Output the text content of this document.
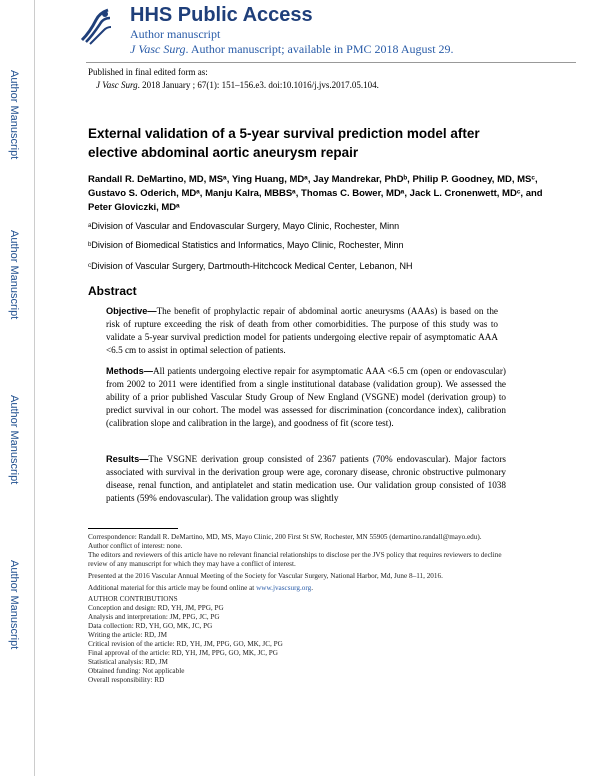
Author Manuscript
Author Manuscript
Author Manuscript
Author Manuscript
HHS Public Access
Author manuscript
J Vasc Surg. Author manuscript; available in PMC 2018 August 29.
Published in final edited form as:
J Vasc Surg. 2018 January ; 67(1): 151–156.e3. doi:10.1016/j.jvs.2017.05.104.
External validation of a 5-year survival prediction model after elective abdominal aortic aneurysm repair
Randall R. DeMartino, MD, MSᵃ, Ying Huang, MDᵃ, Jay Mandrekar, PhDᵇ, Philip P. Goodney, MD, MSᶜ, Gustavo S. Oderich, MDᵃ, Manju Kalra, MBBSᵃ, Thomas C. Bower, MDᵃ, Jack L. Cronenwett, MDᶜ, and Peter Gloviczki, MDᵃ
ᵃDivision of Vascular and Endovascular Surgery, Mayo Clinic, Rochester, Minn
ᵇDivision of Biomedical Statistics and Informatics, Mayo Clinic, Rochester, Minn
ᶜDivision of Vascular Surgery, Dartmouth-Hitchcock Medical Center, Lebanon, NH
Abstract
Objective—The benefit of prophylactic repair of abdominal aortic aneurysms (AAAs) is based on the risk of rupture exceeding the risk of death from other comorbidities. The purpose of this study was to validate a 5-year survival prediction model for patients undergoing elective repair of asymptomatic AAA <6.5 cm to assist in optimal selection of patients.
Methods—All patients undergoing elective repair for asymptomatic AAA <6.5 cm (open or endovascular) from 2002 to 2011 were identified from a single institutional database (validation group). We assessed the ability of a prior published Vascular Study Group of New England (VSGNE) model (derivation group) to predict survival in our cohort. The model was assessed for discrimination (concordance index), calibration (calibration slope and calibration in the large), and goodness of fit (score test).
Results—The VSGNE derivation group consisted of 2367 patients (70% endovascular). Major factors associated with survival in the derivation group were age, coronary disease, chronic obstructive pulmonary disease, renal function, and antiplatelet and statin medication use. Our validation group consisted of 1038 patients (59% endovascular). The validation group was slightly
Correspondence: Randall R. DeMartino, MD, MS, Mayo Clinic, 200 First St SW, Rochester, MN 55905 (demartino.randall@mayo.edu).
Author conflict of interest: none.
The editors and reviewers of this article have no relevant financial relationships to disclose per the JVS policy that requires reviewers to decline review of any manuscript for which they may have a conflict of interest.
Presented at the 2016 Vascular Annual Meeting of the Society for Vascular Surgery, National Harbor, Md, June 8–11, 2016.
Additional material for this article may be found online at www.jvascsurg.org.
AUTHOR CONTRIBUTIONS
Conception and design: RD, YH, JM, PPG, PG
Analysis and interpretation: JM, PPG, JC, PG
Data collection: RD, YH, GO, MK, JC, PG
Writing the article: RD, JM
Critical revision of the article: RD, YH, JM, PPG, GO, MK, JC, PG
Final approval of the article: RD, YH, JM, PPG, GO, MK, JC, PG
Statistical analysis: RD, JM
Obtained funding: Not applicable
Overall responsibility: RD
